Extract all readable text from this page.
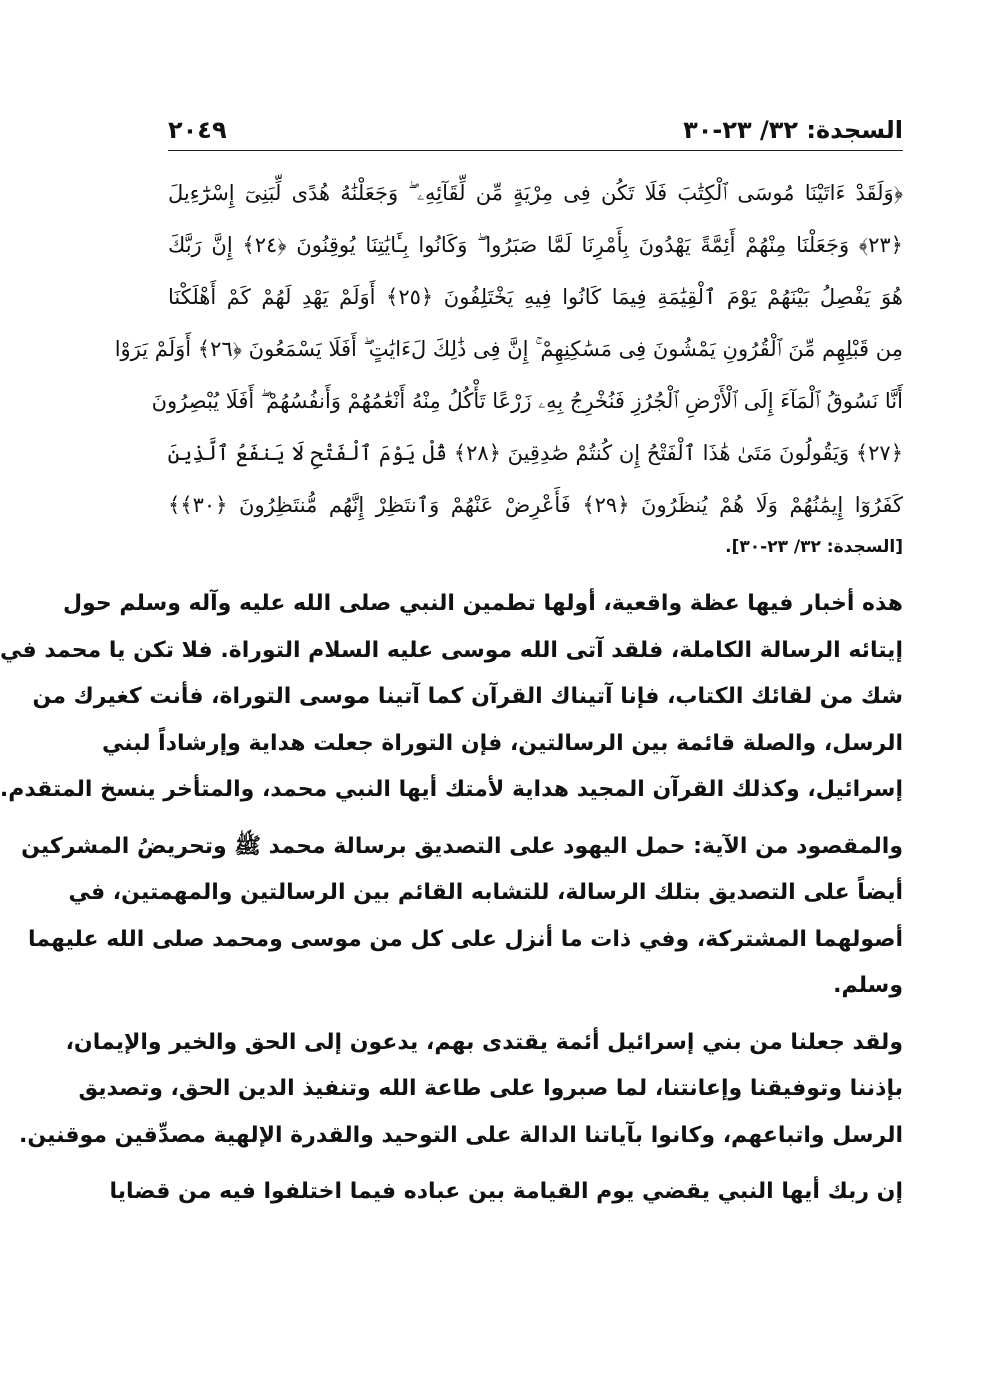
السجدة: ٣٢/ ٢٣-٣٠
٢٠٤٩
﴿وَلَقَدْ ءَاتَيْنَا مُوسَى ٱلْكِتَٰبَ فَلَا تَكُن فِى مِرْيَةٍ مِّن لِّقَآئِهِۦ ۖ وَجَعَلْنَٰهُ هُدًى لِّبَنِىٓ إِسْرَٰٓءِيلَ
﴿٢٣﴾ وَجَعَلْنَا مِنْهُمْ أَئِمَّةً يَهْدُونَ بِأَمْرِنَا لَمَّا صَبَرُوا ۖ وَكَانُوا بِـَٔايَٰتِنَا يُوقِنُونَ ﴿٢٤﴾ إِنَّ رَبَّكَ
هُوَ يَفْصِلُ بَيْنَهُمْ يَوْمَ ٱلْقِيَٰمَةِ فِيمَا كَانُوا فِيهِ يَخْتَلِفُونَ ﴿٢٥﴾ أَوَلَمْ يَهْدِ لَهُمْ كَمْ أَهْلَكْنَا
مِن قَبْلِهِم مِّنَ ٱلْقُرُونِ يَمْشُونَ فِى مَسَٰكِنِهِمْ ۚ إِنَّ فِى ذَٰلِكَ لَءَايَٰتٍ ۖ أَفَلَا يَسْمَعُونَ ﴿٢٦﴾ أَوَلَمْ يَرَوْا
أَنَّا نَسُوقُ ٱلْمَآءَ إِلَى ٱلْأَرْضِ ٱلْجُرُزِ فَنُخْرِجُ بِهِۦ زَرْعًا تَأْكُلُ مِنْهُ أَنْعَٰمُهُمْ وَأَنفُسُهُمْ ۖ أَفَلَا يُبْصِرُونَ
﴿٢٧﴾ وَيَقُولُونَ مَتَىٰ هَٰذَا ٱلْفَتْحُ إِن كُنتُمْ صَٰدِقِينَ ﴿٢٨﴾ قُلْ يَوْمَ ٱلْفَتْحِ لَا يَنفَعُ ٱلَّذِينَ
كَفَرُوٓا إِيمَٰنُهُمْ وَلَا هُمْ يُنظَرُونَ ﴿٢٩﴾ فَأَعْرِضْ عَنْهُمْ وَٱنتَظِرْ إِنَّهُم مُّنتَظِرُونَ ﴿٣٠﴾﴾
[السجدة: ٣٢/ ٢٣-٣٠].
هذه أخبار فيها عظة واقعية، أولها تطمين النبي صلى الله عليه وآله وسلم حول
إيتائه الرسالة الكاملة، فلقد آتى الله موسى عليه السلام التوراة. فلا تكن يا محمد في
شك من لقائك الكتاب، فإنا آتيناك القرآن كما آتينا موسى التوراة، فأنت كغيرك من
الرسل، والصلة قائمة بين الرسالتين، فإن التوراة جعلت هداية وإرشاداً لبني
إسرائيل، وكذلك القرآن المجيد هداية لأمتك أيها النبي محمد، والمتأخر ينسخ المتقدم.
والمقصود من الآية: حمل اليهود على التصديق برسالة محمد ﷺ وتحريضُ المشركين
أيضاً على التصديق بتلك الرسالة، للتشابه القائم بين الرسالتين والمهمتين، في
أصولهما المشتركة، وفي ذات ما أنزل على كل من موسى ومحمد صلى الله عليهما
وسلم.
ولقد جعلنا من بني إسرائيل أئمة يقتدى بهم، يدعون إلى الحق والخير والإيمان،
بإذننا وتوفيقنا وإعانتنا، لما صبروا على طاعة الله وتنفيذ الدين الحق، وتصديق
الرسل واتباعهم، وكانوا بآياتنا الدالة على التوحيد والقدرة الإلهية مصدِّقين موقنين.
إن ربك أيها النبي يقضي يوم القيامة بين عباده فيما اختلفوا فيه من قضايا
